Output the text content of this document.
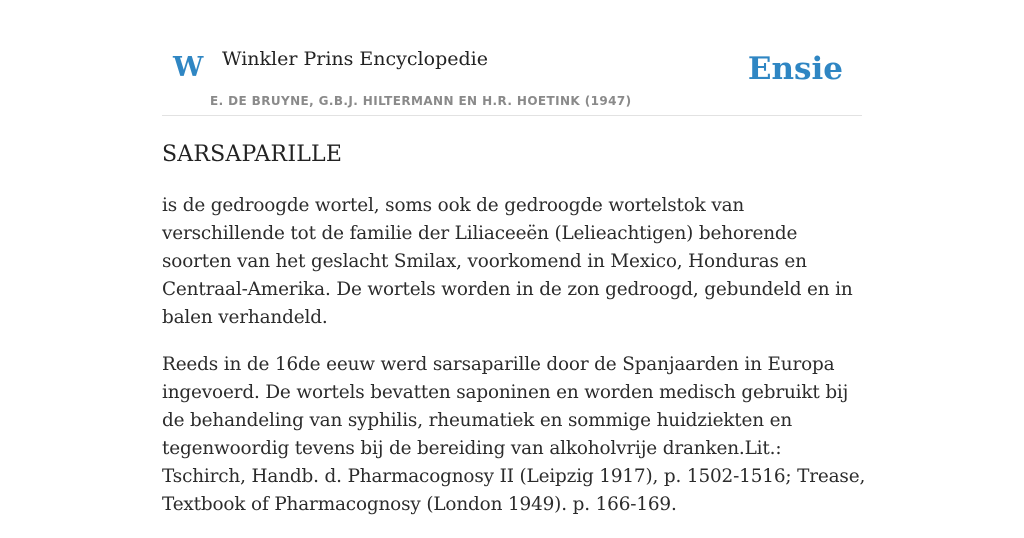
W Winkler Prins Encyclopedie
E. DE BRUYNE, G.B.J. HILTERMANN EN H.R. HOETINK (1947)
Ensie
SARSAPARILLE

is de gedroogde wortel, soms ook de gedroogde wortelstok van verschillende tot de familie der Liliaceeën (Lelieachtigen) behorende soorten van het geslacht Smilax, voorkomend in Mexico, Honduras en Centraal-Amerika. De wortels worden in de zon gedroogd, gebundeld en in balen verhandeld.

Reeds in de 16de eeuw werd sarsaparille door de Spanjaarden in Europa ingevoerd. De wortels bevatten saponinen en worden medisch gebruikt bij de behandeling van syphilis, rheumatiek en sommige huidziekten en tegenwoordig tevens bij de bereiding van alkoholvrije dranken.Lit.: Tschirch, Handb. d. Pharmacognosy II (Leipzig 1917), p. 1502-1516; Trease, Textbook of Pharmacognosy (London 1949). p. 166-169.
